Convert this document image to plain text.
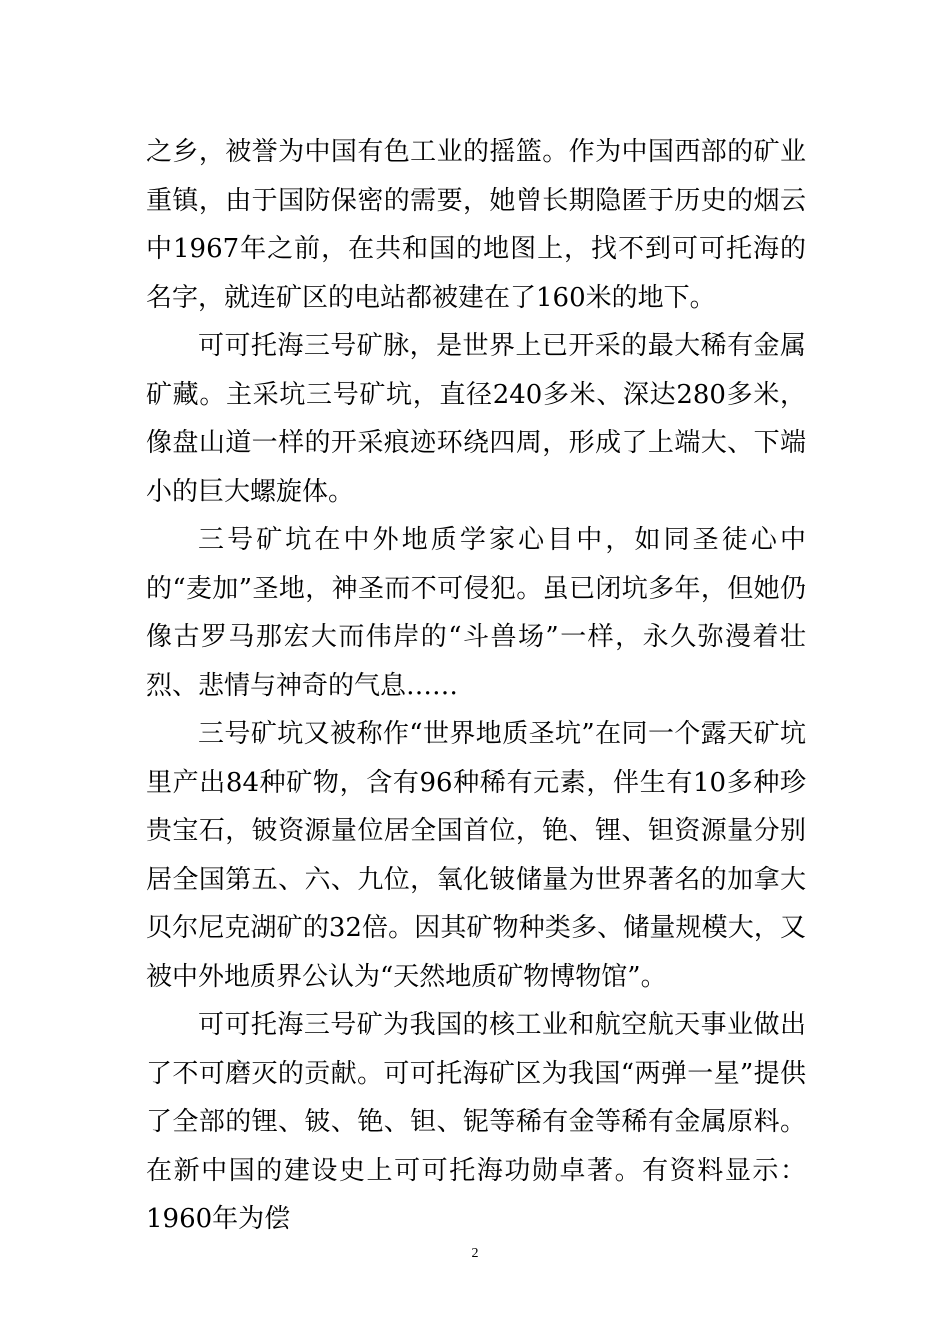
之乡，被誉为中国有色工业的摇篮。作为中国西部的矿业重镇，由于国防保密的需要，她曾长期隐匿于历史的烟云中1967年之前，在共和国的地图上，找不到可可托海的名字，就连矿区的电站都被建在了160米的地下。

可可托海三号矿脉，是世界上已开采的最大稀有金属矿藏。主采坑三号矿坑，直径240多米、深达280多米，像盘山道一样的开采痕迹环绕四周，形成了上端大、下端小的巨大螺旋体。

三号矿坑在中外地质学家心目中，如同圣徒心中的“麦加”圣地，神圣而不可侵犯。虽已闭坑多年，但她仍像古罗马那宏大而伟岸的“斗兽场”一样，永久弥漫着壮烈、悲情与神奇的气息……

三号矿坑又被称作“世界地质圣坑”在同一个露天矿坑里产出84种矿物，含有96种稀有元素，伴生有10多种珍贵宝石，铍资源量位居全国首位，铯、锂、钽资源量分别居全国第五、六、九位，氧化铍储量为世界著名的加拿大贝尔尼克湖矿的32倍。因其矿物种类多、储量规模大，又被中外地质界公认为“天然地质矿物博物馆”。

可可托海三号矿为我国的核工业和航空航天事业做出了不可磨灭的贡献。可可托海矿区为我国“两弹一星”提供了全部的锂、铍、铯、钽、铌等稀有金等稀有金属原料。在新中国的建设史上可可托海功勋卓著。有资料显示：1960年为偿

2
